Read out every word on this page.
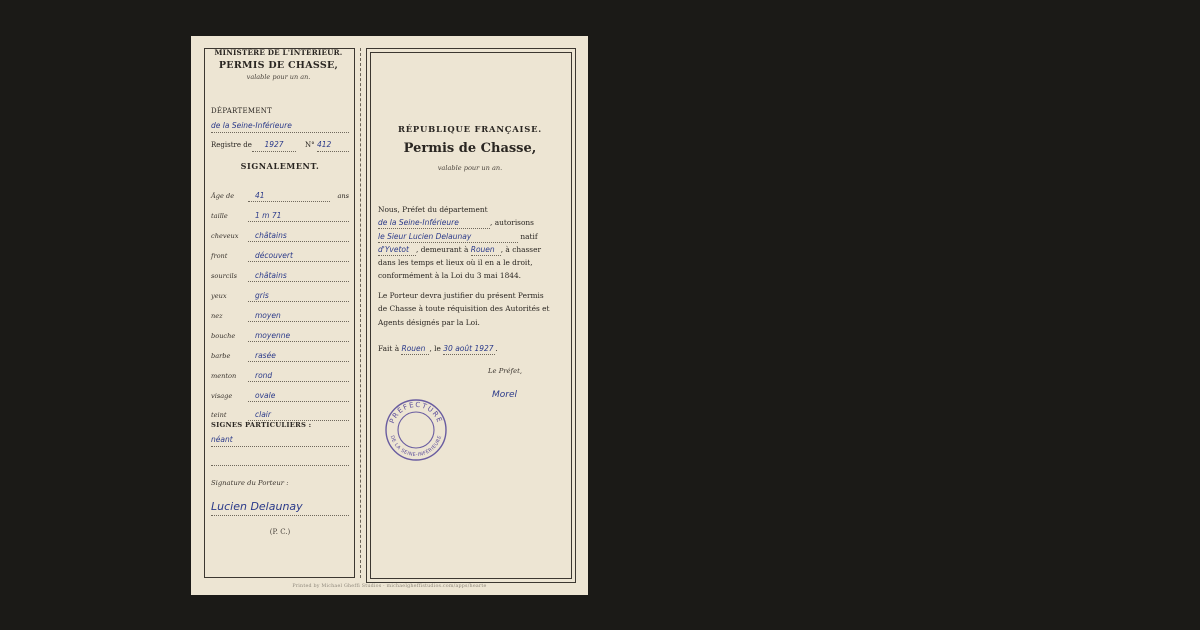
MINISTÈRE DE L'INTÉRIEUR.
PERMIS DE CHASSE,
valable pour un an.
DÉPARTEMENT
de la Seine-Inférieure
Registre de	1927	N° 412
SIGNALEMENT.
Âge de	41	ans
taille	1 m 71
cheveux	châtains
front	découvert
sourcils	châtains
yeux	gris
nez	moyen
bouche	moyenne
barbe	rasée
menton	rond
visage	ovale
teint	clair
SIGNES PARTICULIERS :
néant
Signature du Porteur :
Lucien Delaunay
(P. C.)
RÉPUBLIQUE FRANÇAISE.
Permis de Chasse,
valable pour un an.
Nous, Préfet du département
de la Seine-Inférieure	, autorisons
le Sieur Lucien Delaunay	natif
d'Yvetot , demeurant à Rouen , à chasser
dans les temps et lieux où il en a le droit,
conformément à la Loi du 3 mai 1844.
Le Porteur devra justifier du présent Permis
de Chasse à toute réquisition des Autorités et
Agents désignés par la Loi.
Fait à Rouen , le 30 août 1927 .
Le Préfet,
Morel
PRÉFECTURE
DE LA SEINE-INFÉRIEURE
Printed by Michael Gheffi Studios · michaelgheffistudios.com/apps/hearte
